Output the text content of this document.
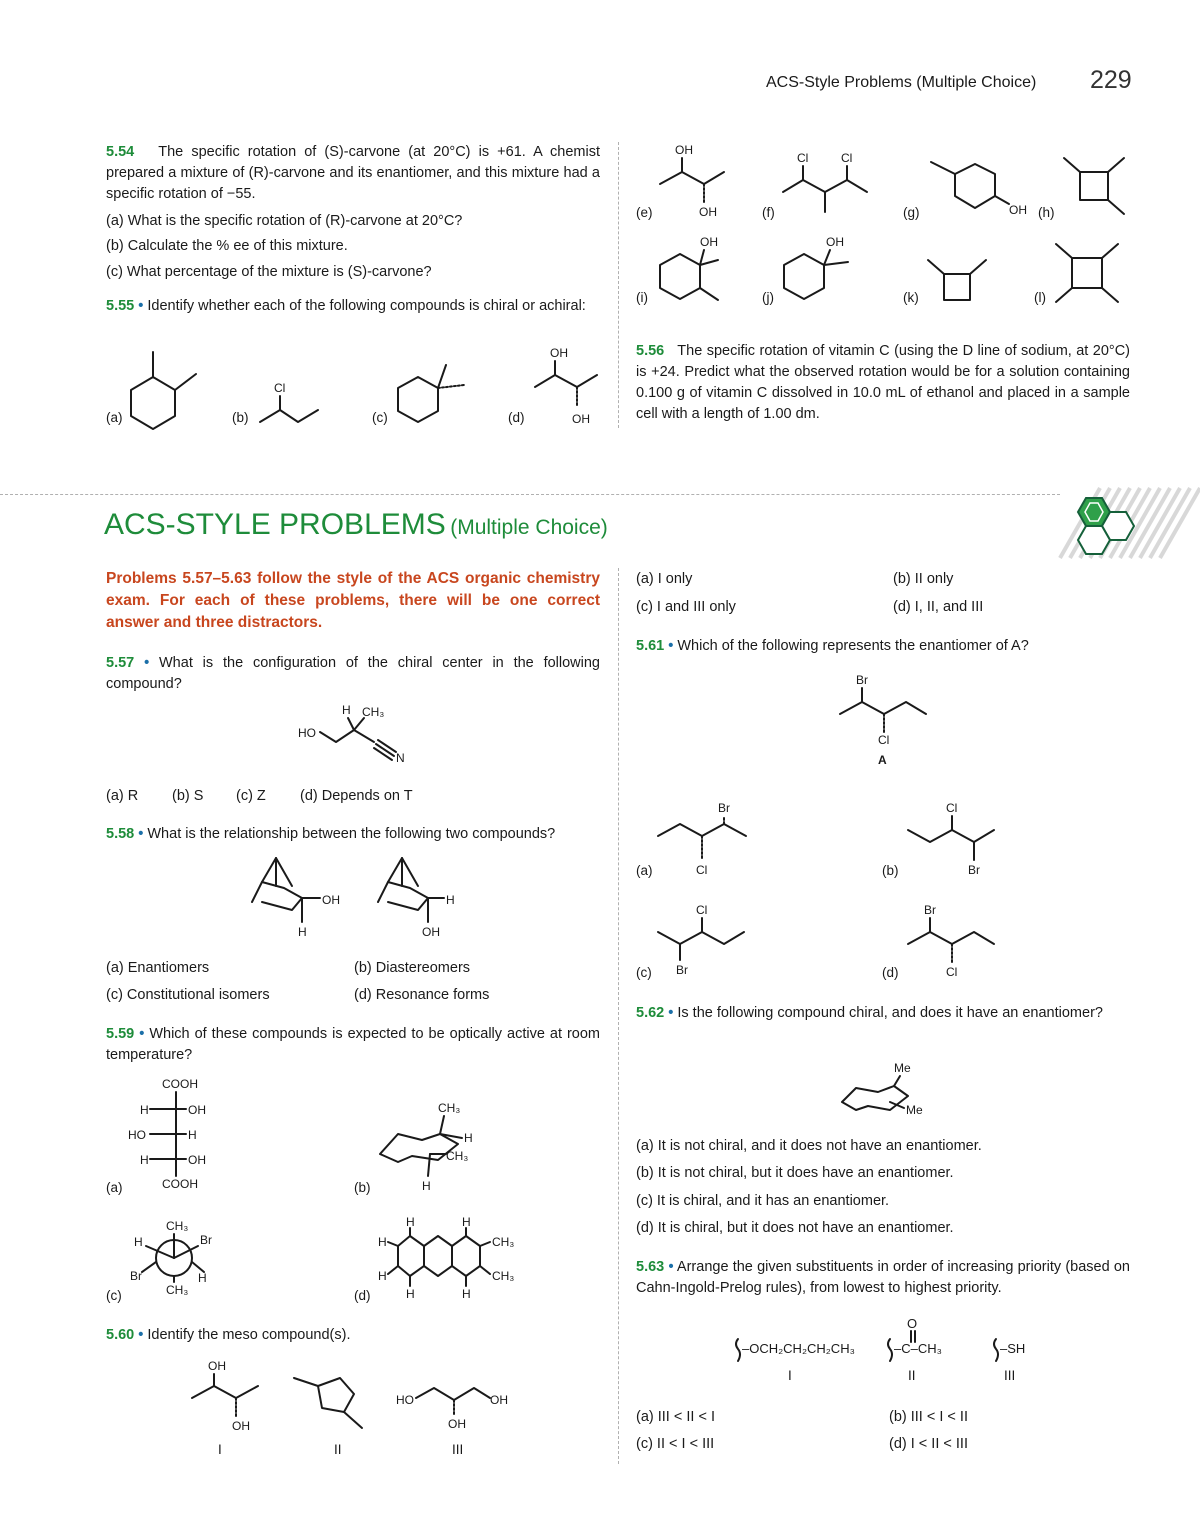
ACS-Style Problems (Multiple Choice) 229
5.54 The specific rotation of (S)-carvone (at 20°C) is +61. A chemist prepared a mixture of (R)-carvone and its enantiomer, and this mixture had a specific rotation of −55.
(a) What is the specific rotation of (R)-carvone at 20°C?
(b) Calculate the % ee of this mixture.
(c) What percentage of the mixture is (S)-carvone?
5.55 • Identify whether each of the following compounds is chiral or achiral:
(a)	(b)	(c)	(d)
Cl
OH
OH
(e)	(f)	(g)	(h)
(i)	(j)	(k)	(l)
OH
OH
Cl	Cl
OH
OH	OH
5.56 The specific rotation of vitamin C (using the D line of sodium, at 20°C) is +24. Predict what the observed rotation would be for a solution containing 0.100 g of vitamin C dissolved in 10.0 mL of ethanol and placed in a sample cell with a length of 1.00 dm.
ACS-STYLE PROBLEMS (Multiple Choice)
Problems 5.57–5.63 follow the style of the ACS organic chemistry exam. For each of these problems, there will be one correct answer and three distractors.
5.57 • What is the configuration of the chiral center in the following compound?
H CH₃
HO
N
(a) R (b) S (c) Z (d) Depends on T
5.58 • What is the relationship between the following two compounds?
OH
H
H
OH
(a) Enantiomers	(b) Diastereomers
(c) Constitutional isomers	(d) Resonance forms
5.59 • Which of these compounds is expected to be optically active at room temperature?
(a)	(b)
(c)	(d)
COOH
H	OH
HO	H
H	OH
COOH
CH₃
H
CH₃
H
CH₃
H	Br
Br	H
CH₃
H	H
H	CH₃
H	CH₃
H	H
5.60 • Identify the meso compound(s).
OH
OH
HO	OH
OH
I	II	III
(a) I only	(b) II only
(c) I and III only	(d) I, II, and III
5.61 • Which of the following represents the enantiomer of A?
Br
Cl
A
(a)	(b)
(c)	(d)
Br
Cl
Cl
Br
Cl
Br
Br
Cl
5.62 • Is the following compound chiral, and does it have an enantiomer?
Me
Me
(a) It is not chiral, and it does not have an enantiomer.
(b) It is not chiral, but it does have an enantiomer.
(c) It is chiral, and it has an enantiomer.
(d) It is chiral, but it does not have an enantiomer.
5.63 • Arrange the given substituents in order of increasing priority (based on Cahn-Ingold-Prelog rules), from lowest to highest priority.
–OCH₂CH₂CH₂CH₃
O
–C–CH₃	–SH
I	II	III
(a) III < II < I	(b) III < I < II
(c) II < I < III	(d) I < II < III
